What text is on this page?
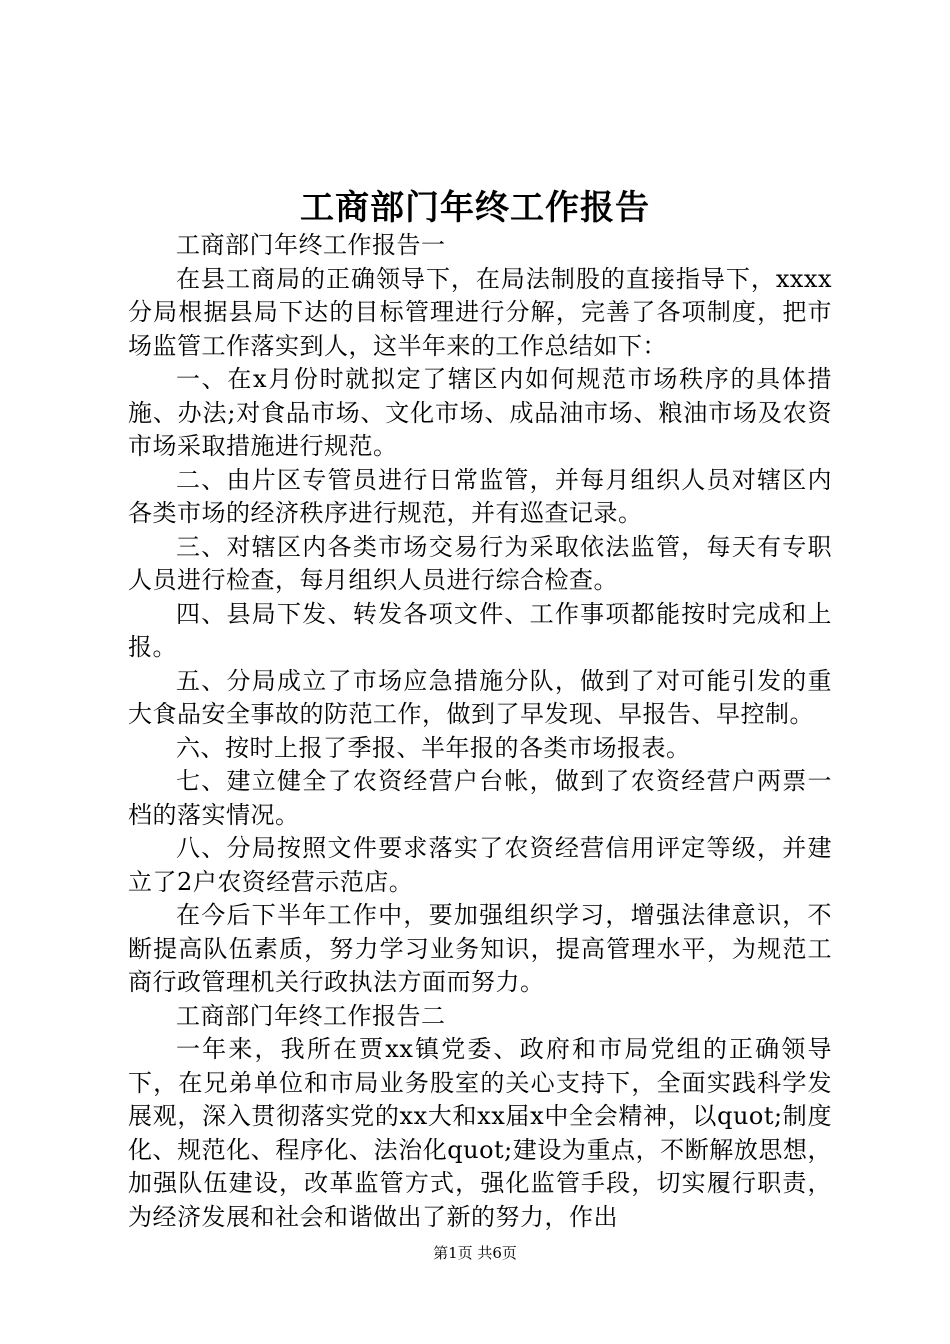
工商部门年终工作报告

工商部门年终工作报告一

在县工商局的正确领导下，在局法制股的直接指导下，xxxx分局根据县局下达的目标管理进行分解，完善了各项制度，把市场监管工作落实到人，这半年来的工作总结如下：

一、在x月份时就拟定了辖区内如何规范市场秩序的具体措施、办法;对食品市场、文化市场、成品油市场、粮油市场及农资市场采取措施进行规范。

二、由片区专管员进行日常监管，并每月组织人员对辖区内各类市场的经济秩序进行规范，并有巡查记录。

三、对辖区内各类市场交易行为采取依法监管，每天有专职人员进行检查，每月组织人员进行综合检查。

四、县局下发、转发各项文件、工作事项都能按时完成和上报。

五、分局成立了市场应急措施分队，做到了对可能引发的重大食品安全事故的防范工作，做到了早发现、早报告、早控制。

六、按时上报了季报、半年报的各类市场报表。

七、建立健全了农资经营户台帐，做到了农资经营户两票一档的落实情况。

八、分局按照文件要求落实了农资经营信用评定等级，并建立了2户农资经营示范店。

在今后下半年工作中，要加强组织学习，增强法律意识，不断提高队伍素质，努力学习业务知识，提高管理水平，为规范工商行政管理机关行政执法方面而努力。

工商部门年终工作报告二

一年来，我所在贾xx镇党委、政府和市局党组的正确领导下，在兄弟单位和市局业务股室的关心支持下，全面实践科学发展观，深入贯彻落实党的xx大和xx届x中全会精神，以quot;制度化、规范化、程序化、法治化quot;建设为重点，不断解放思想，加强队伍建设，改革监管方式，强化监管手段，切实履行职责，为经济发展和社会和谐做出了新的努力，作出

第1页 共6页
